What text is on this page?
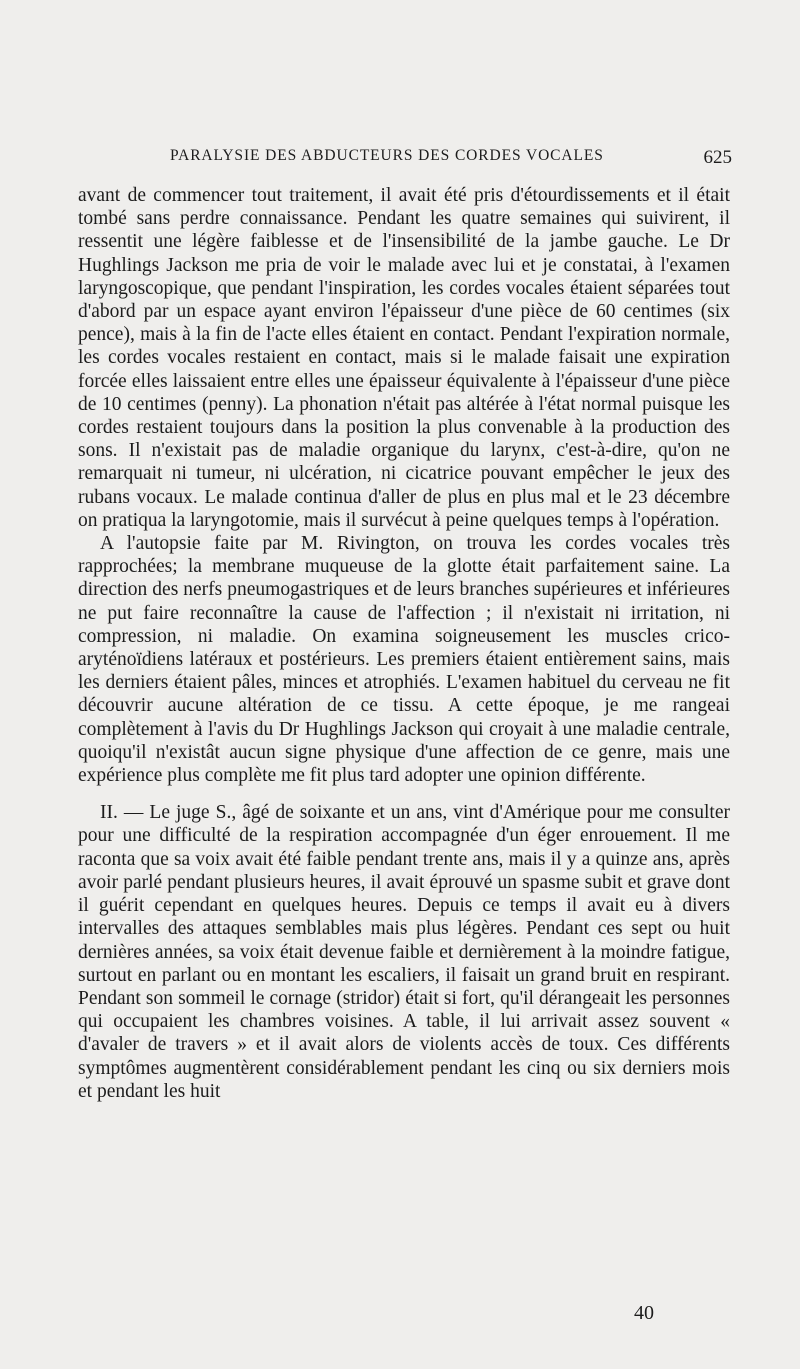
PARALYSIE DES ABDUCTEURS DES CORDES VOCALES	625

avant de commencer tout traitement, il avait été pris d'étourdissements et il était tombé sans perdre connaissance. Pendant les quatre semaines qui suivirent, il ressentit une légère faiblesse et de l'insensibilité de la jambe gauche. Le Dr Hughlings Jackson me pria de voir le malade avec lui et je constatai, à l'examen laryngoscopique, que pendant l'inspiration, les cordes vocales étaient séparées tout d'abord par un espace ayant environ l'épaisseur d'une pièce de 60 centimes (six pence), mais à la fin de l'acte elles étaient en contact. Pendant l'expiration normale, les cordes vocales restaient en contact, mais si le malade faisait une expiration forcée elles laissaient entre elles une épaisseur équivalente à l'épaisseur d'une pièce de 10 centimes (penny). La phonation n'était pas altérée à l'état normal puisque les cordes restaient toujours dans la position la plus convenable à la production des sons. Il n'existait pas de maladie organique du larynx, c'est-à-dire, qu'on ne remarquait ni tumeur, ni ulcération, ni cicatrice pouvant empêcher le jeux des rubans vocaux. Le malade continua d'aller de plus en plus mal et le 23 décembre on pratiqua la laryngotomie, mais il survécut à peine quelques temps à l'opération.

A l'autopsie faite par M. Rivington, on trouva les cordes vocales très rapprochées; la membrane muqueuse de la glotte était parfaitement saine. La direction des nerfs pneumogastriques et de leurs branches supérieures et inférieures ne put faire reconnaître la cause de l'affection ; il n'existait ni irritation, ni compression, ni maladie. On examina soigneusement les muscles crico-aryténoïdiens latéraux et postérieurs. Les premiers étaient entièrement sains, mais les derniers étaient pâles, minces et atrophiés. L'examen habituel du cerveau ne fit découvrir aucune altération de ce tissu. A cette époque, je me rangeai complètement à l'avis du Dr Hughlings Jackson qui croyait à une maladie centrale, quoiqu'il n'existât aucun signe physique d'une affection de ce genre, mais une expérience plus complète me fit plus tard adopter une opinion différente.

II. — Le juge S., âgé de soixante et un ans, vint d'Amérique pour me consulter pour une difficulté de la respiration accompagnée d'un éger enrouement. Il me raconta que sa voix avait été faible pendant trente ans, mais il y a quinze ans, après avoir parlé pendant plusieurs heures, il avait éprouvé un spasme subit et grave dont il guérit cependant en quelques heures. Depuis ce temps il avait eu à divers intervalles des attaques semblables mais plus légères. Pendant ces sept ou huit dernières années, sa voix était devenue faible et dernièrement à la moindre fatigue, surtout en parlant ou en montant les escaliers, il faisait un grand bruit en respirant. Pendant son sommeil le cornage (stridor) était si fort, qu'il dérangeait les personnes qui occupaient les chambres voisines. A table, il lui arrivait assez souvent « d'avaler de travers » et il avait alors de violents accès de toux. Ces différents symptômes augmentèrent considérablement pendant les cinq ou six derniers mois et pendant les huit

40
